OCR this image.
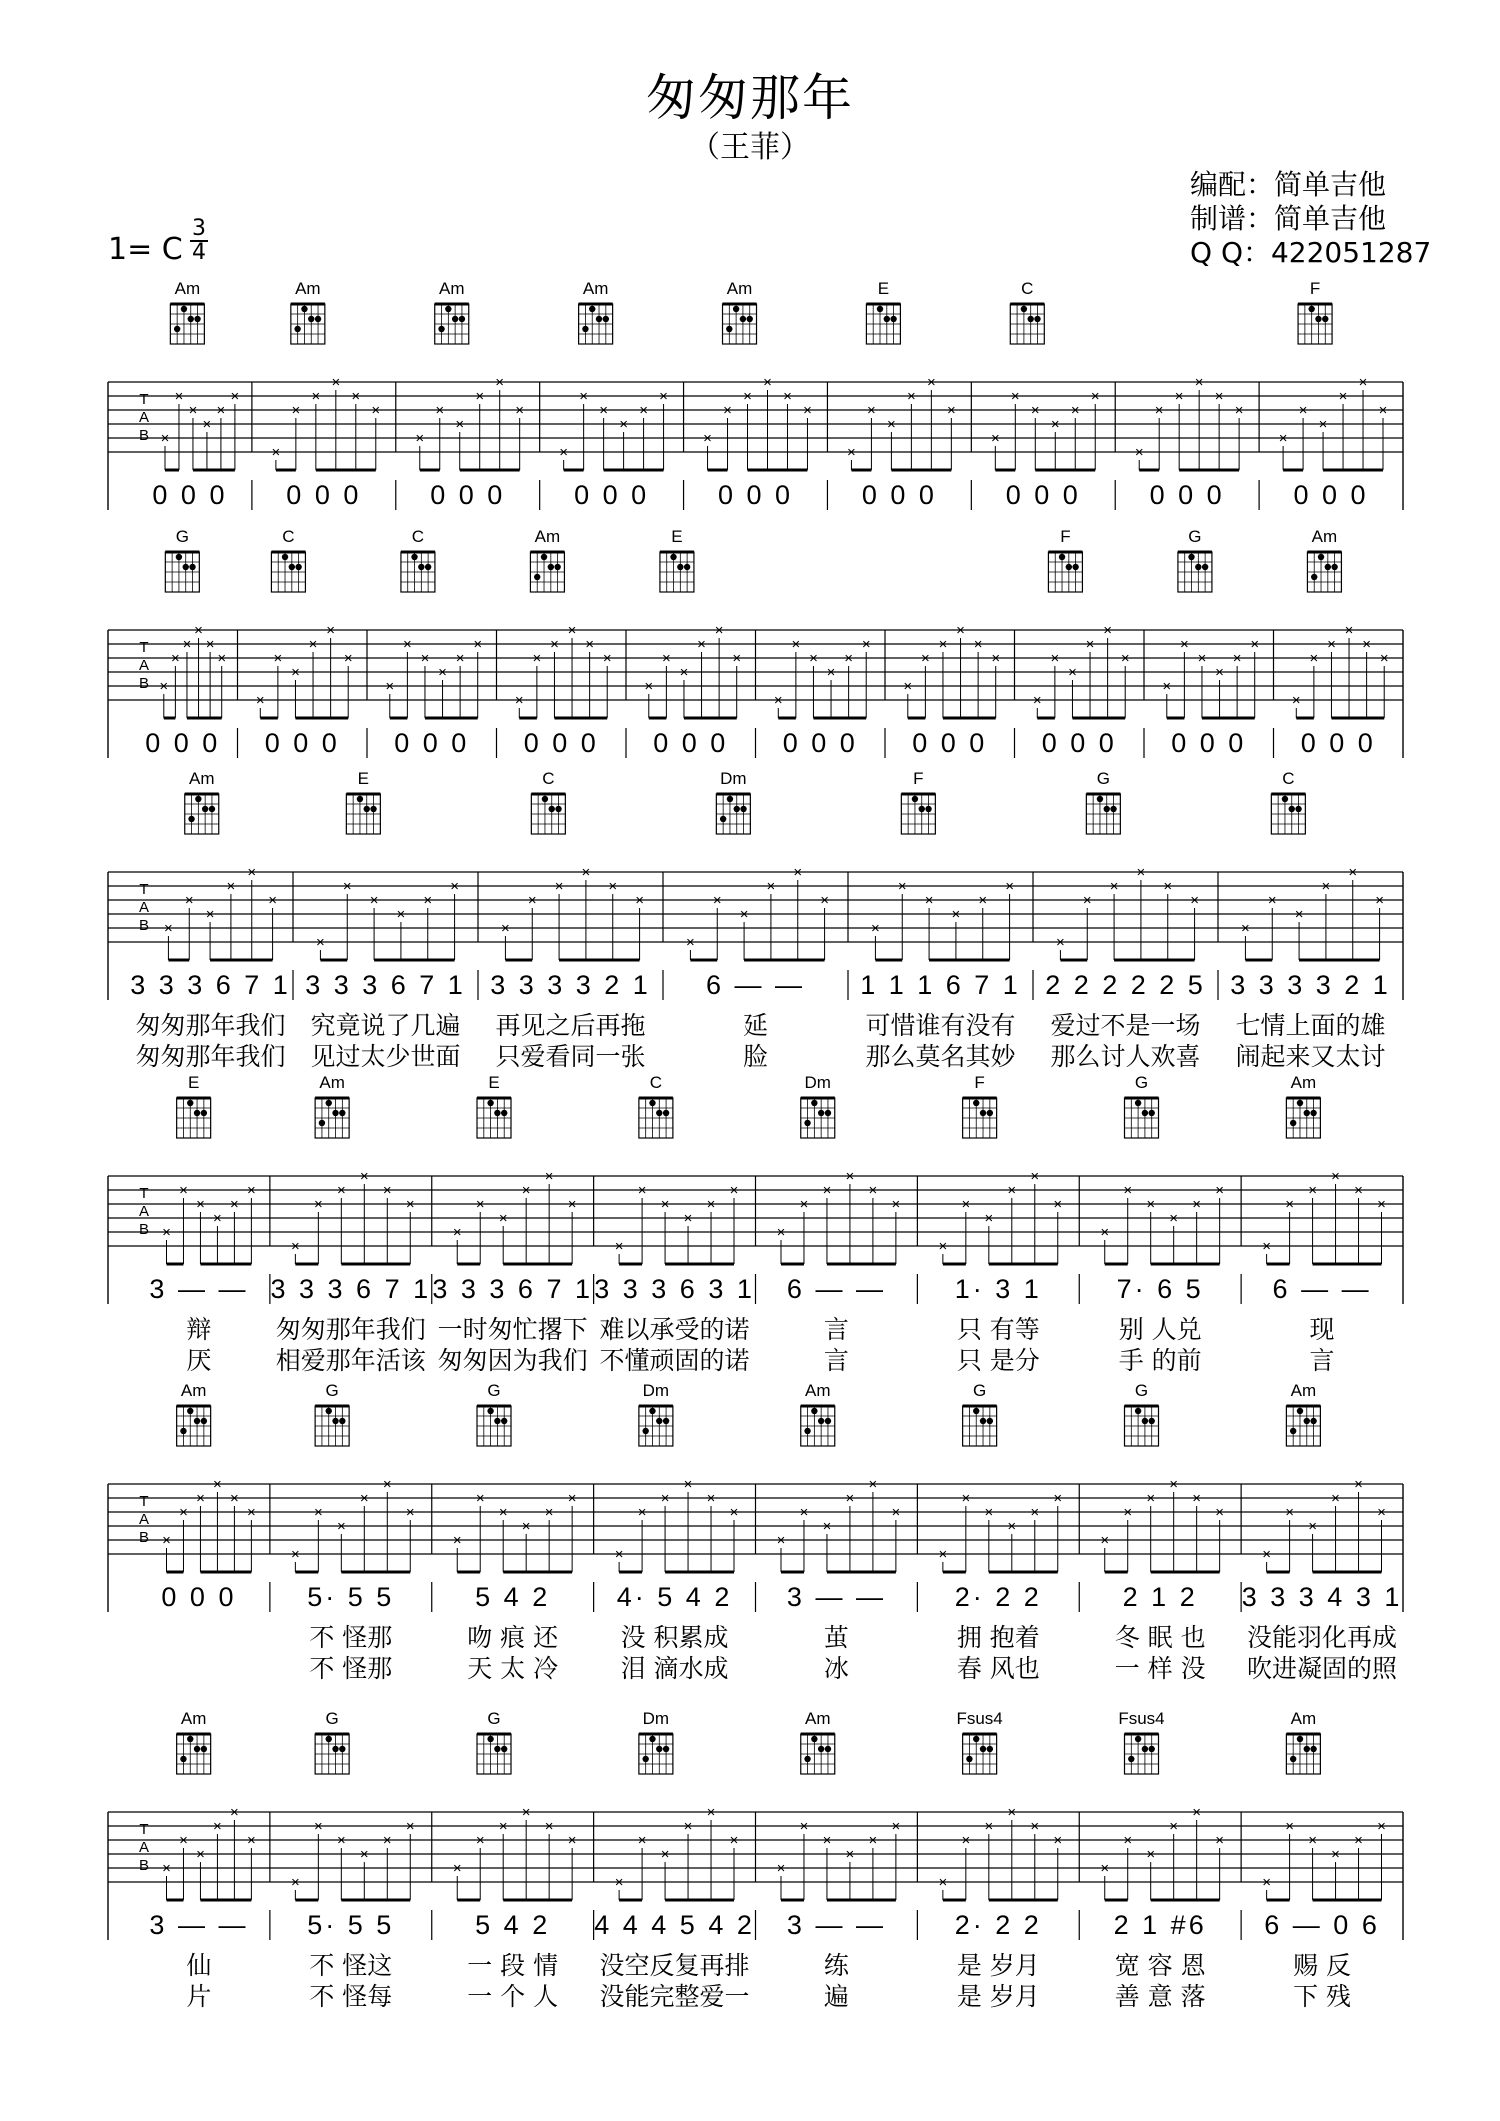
匆匆那年
（王菲）
编配：简单吉他
制谱：简单吉他
Q Q：422051287
1= C
3
4
T
A
B
Am
×
×
×
×
×
×
0 0 0
Am
×
×
×
×
×
×
0 0 0
Am
×
×
×
×
×
×
0 0 0
Am
×
×
×
×
×
×
0 0 0
Am
×
×
×
×
×
×
0 0 0
E
×
×
×
×
×
×
0 0 0
C
×
×
×
×
×
×
0 0 0
×
×
×
×
×
×
0 0 0
F
×
×
×
×
×
×
0 0 0
T
A
B
G
×
×
×
×
×
×
0 0 0
C
×
×
×
×
×
×
0 0 0
C
×
×
×
×
×
×
0 0 0
Am
×
×
×
×
×
×
0 0 0
E
×
×
×
×
×
×
0 0 0
×
×
×
×
×
×
0 0 0
×
×
×
×
×
×
0 0 0
F
×
×
×
×
×
×
0 0 0
G
×
×
×
×
×
×
0 0 0
Am
×
×
×
×
×
×
0 0 0
T
A
B
Am
×
×
×
×
×
×
3 3 3 6 7 1
匆匆那年我们
匆匆那年我们
E
×
×
×
×
×
×
3 3 3 6 7 1
究竟说了几遍
见过太少世面
C
×
×
×
×
×
×
3 3 3 3 2 1
再见之后再拖
只爱看同一张
Dm
×
×
×
×
×
×
6 — —
延
脸
F
×
×
×
×
×
×
1 1 1 6 7 1
可惜谁有没有
那么莫名其妙
G
×
×
×
×
×
×
2 2 2 2 2 5
爱过不是一场
那么讨人欢喜
C
×
×
×
×
×
×
3 3 3 3 2 1
七情上面的雄
闹起来又太讨
T
A
B
E
×
×
×
×
×
×
3 — —
辩
厌
Am
×
×
×
×
×
×
3 3 3 6 7 1
匆匆那年我们
相爱那年活该
E
×
×
×
×
×
×
3 3 3 6 7 1
一时匆忙撂下
匆匆因为我们
C
×
×
×
×
×
×
3 3 3 6 3 1
难以承受的诺
不懂顽固的诺
Dm
×
×
×
×
×
×
6 — —
言
言
F
×
×
×
×
×
×
1· 3 1
只 有等
只 是分
G
×
×
×
×
×
×
7· 6 5
别 人兑
手 的前
Am
×
×
×
×
×
×
6 — —
现
言
T
A
B
Am
×
×
×
×
×
×
0 0 0
G
×
×
×
×
×
×
5· 5 5
不 怪那
不 怪那
G
×
×
×
×
×
×
5 4 2
吻 痕 还
天 太 冷
Dm
×
×
×
×
×
×
4· 5 4 2
没 积累成
泪 滴水成
Am
×
×
×
×
×
×
3 — —
茧
冰
G
×
×
×
×
×
×
2· 2 2
拥 抱着
春 风也
G
×
×
×
×
×
×
2 1 2
冬 眠 也
一 样 没
Am
×
×
×
×
×
×
3 3 3 4 3 1
没能羽化再成
吹进凝固的照
T
A
B
Am
×
×
×
×
×
×
3 — —
仙
片
G
×
×
×
×
×
×
5· 5 5
不 怪这
不 怪每
G
×
×
×
×
×
×
5 4 2
一 段 情
一 个 人
Dm
×
×
×
×
×
×
4 4 4 5 4 2
没空反复再排
没能完整爱一
Am
×
×
×
×
×
×
3 — —
练
遍
Fsus4
×
×
×
×
×
×
2· 2 2
是 岁月
是 岁月
Fsus4
×
×
×
×
×
×
2 1 #6
宽 容 恩
善 意 落
Am
×
×
×
×
×
×
6 — 0 6
赐 反
下 残
